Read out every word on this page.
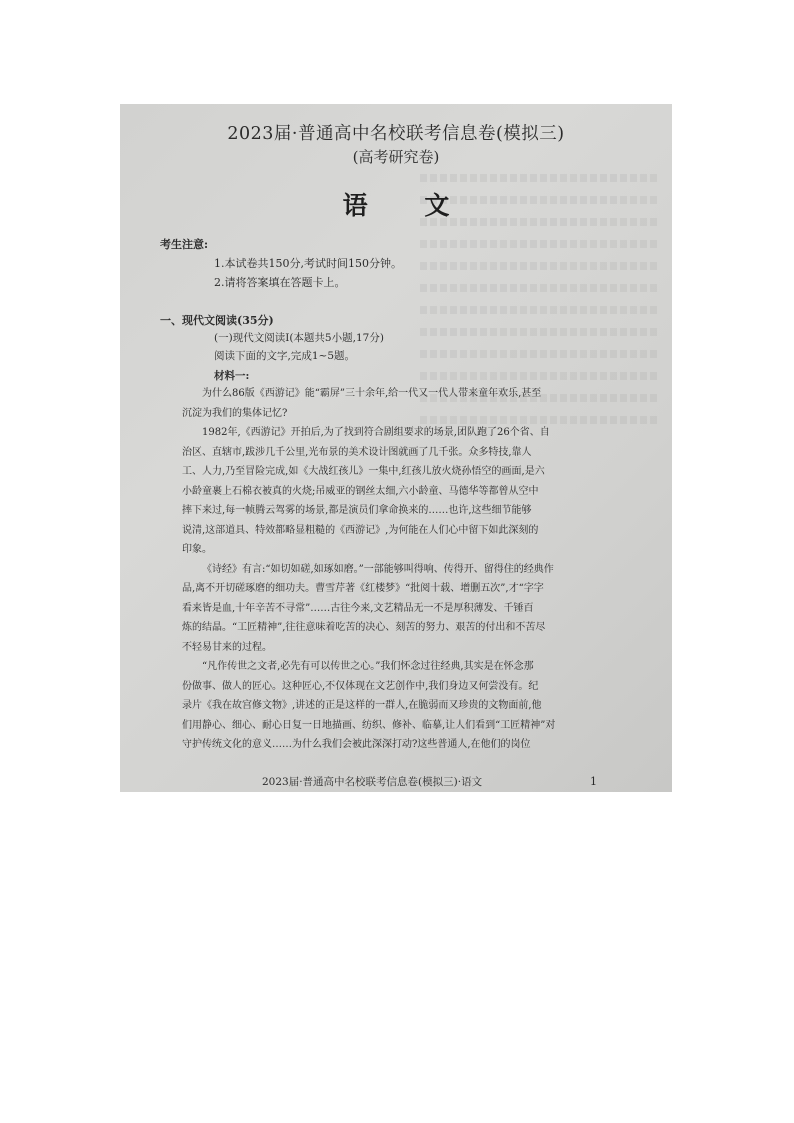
2023届·普通高中名校联考信息卷(模拟三)
(高考研究卷)
语 文
考生注意:
1.本试卷共150分,考试时间150分钟。
2.请将答案填在答题卡上。
一、现代文阅读(35分)
(一)现代文阅读I(本题共5小题,17分)
阅读下面的文字,完成1~5题。
材料一:
为什么86版《西游记》能“霸屏”三十余年,给一代又一代人带来童年欢乐,甚至
沉淀为我们的集体记忆?
1982年,《西游记》开拍后,为了找到符合剧组要求的场景,团队跑了26个省、自
治区、直辖市,跋涉几千公里,光布景的美术设计图就画了几千张。众多特技,靠人
工、人力,乃至冒险完成,如《大战红孩儿》一集中,红孩儿放火烧孙悟空的画面,是六
小龄童裹上石棉衣被真的火烧;吊威亚的钢丝太细,六小龄童、马德华等都曾从空中
摔下来过,每一帧腾云驾雾的场景,都是演员们拿命换来的……也许,这些细节能够
说清,这部道具、特效都略显粗糙的《西游记》,为何能在人们心中留下如此深刻的
印象。
《诗经》有言:“如切如磋,如琢如磨。”一部能够叫得响、传得开、留得住的经典作
品,离不开切磋琢磨的细功夫。曹雪芹著《红楼梦》“批阅十载、增删五次”,才“字字
看来皆是血,十年辛苦不寻常”……古往今来,文艺精品无一不是厚积薄发、千锤百
炼的结晶。“工匠精神”,往往意味着吃苦的决心、刻苦的努力、艰苦的付出和不苦尽
不轻易甘来的过程。
“凡作传世之文者,必先有可以传世之心。”我们怀念过往经典,其实是在怀念那
份做事、做人的匠心。这种匠心,不仅体现在文艺创作中,我们身边又何尝没有。纪
录片《我在故宫修文物》,讲述的正是这样的一群人,在脆弱而又珍贵的文物面前,他
们用静心、细心、耐心日复一日地描画、纺织、修补、临摹,让人们看到“工匠精神”对
守护传统文化的意义……为什么我们会被此深深打动?这些普通人,在他们的岗位
2023届·普通高中名校联考信息卷(模拟三)·语文	1
